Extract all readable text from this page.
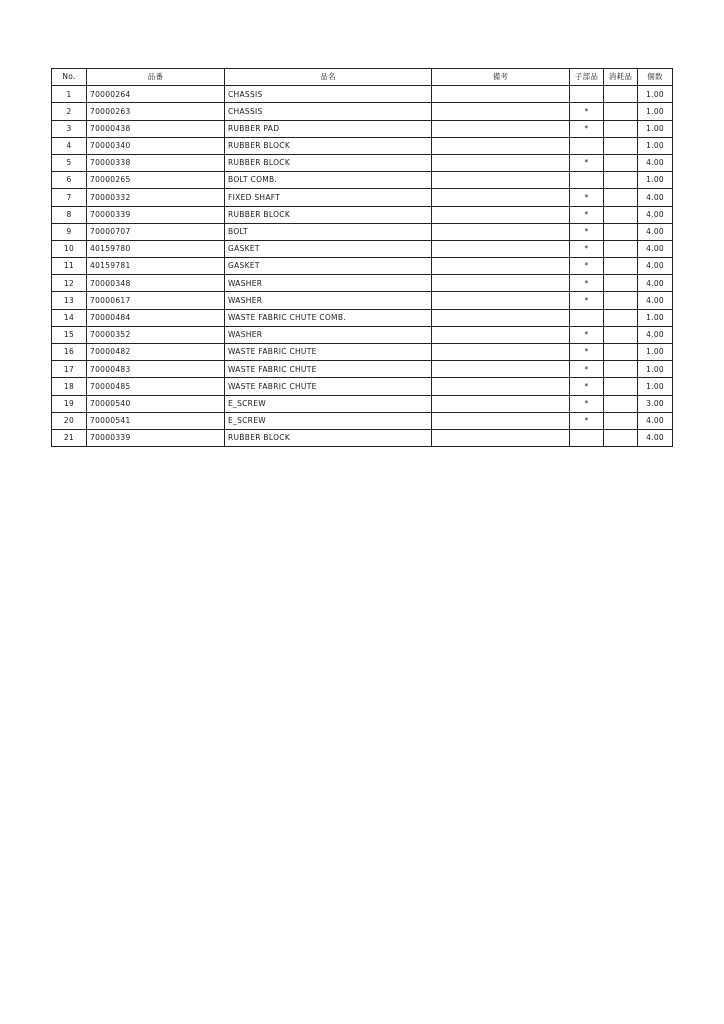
No.	品番	品名	備考	子部品	消耗品	個数
1	70000264	CHASSIS				1.00
2	70000263	CHASSIS		*		1.00
3	70000438	RUBBER PAD		*		1.00
4	70000340	RUBBER BLOCK				1.00
5	70000338	RUBBER BLOCK		*		4.00
6	70000265	BOLT COMB.				1.00
7	70000332	FIXED SHAFT		*		4.00
8	70000339	RUBBER BLOCK		*		4.00
9	70000707	BOLT		*		4.00
10	40159780	GASKET		*		4.00
11	40159781	GASKET		*		4.00
12	70000348	WASHER		*		4.00
13	70000617	WASHER		*		4.00
14	70000484	WASTE FABRIC CHUTE COMB.				1.00
15	70000352	WASHER		*		4.00
16	70000482	WASTE FABRIC CHUTE		*		1.00
17	70000483	WASTE FABRIC CHUTE		*		1.00
18	70000485	WASTE FABRIC CHUTE		*		1.00
19	70000540	E_SCREW		*		3.00
20	70000541	E_SCREW		*		4.00
21	70000339	RUBBER BLOCK				4.00
